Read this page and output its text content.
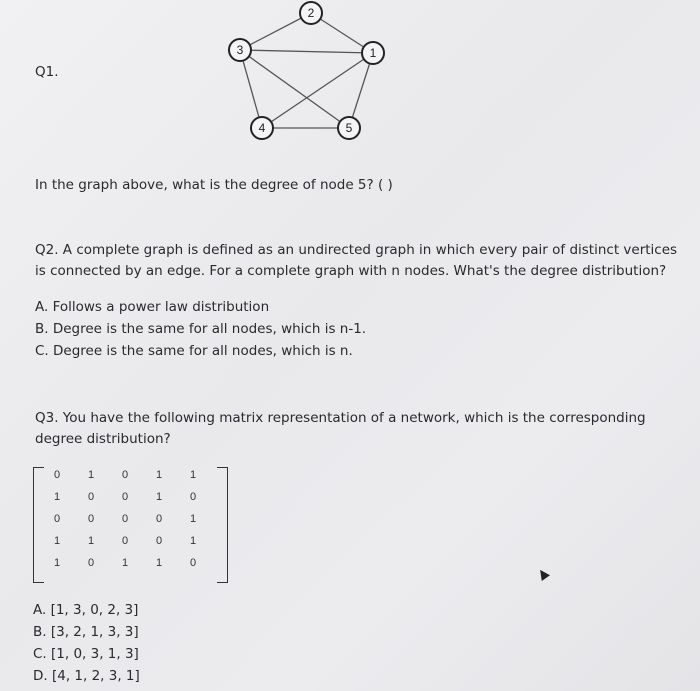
1
2
3
4	5
Q1.
In the graph above, what is the degree of node 5? ( )
Q2. A complete graph is defined as an undirected graph in which every pair of distinct vertices
is connected by an edge. For a complete graph with n nodes. What's the degree distribution?
A. Follows a power law distribution
B. Degree is the same for all nodes, which is n-1.
C. Degree is the same for all nodes, which is n.
Q3. You have the following matrix representation of a network, which is the corresponding
degree distribution?
0	1	0	1	1
1	0	0	1	0
0	0	0	0	1
1	1	0	0	1
1	0	1	1	0
A. [1, 3, 0, 2, 3]
B. [3, 2, 1, 3, 3]
C. [1, 0, 3, 1, 3]
D. [4, 1, 2, 3, 1]
